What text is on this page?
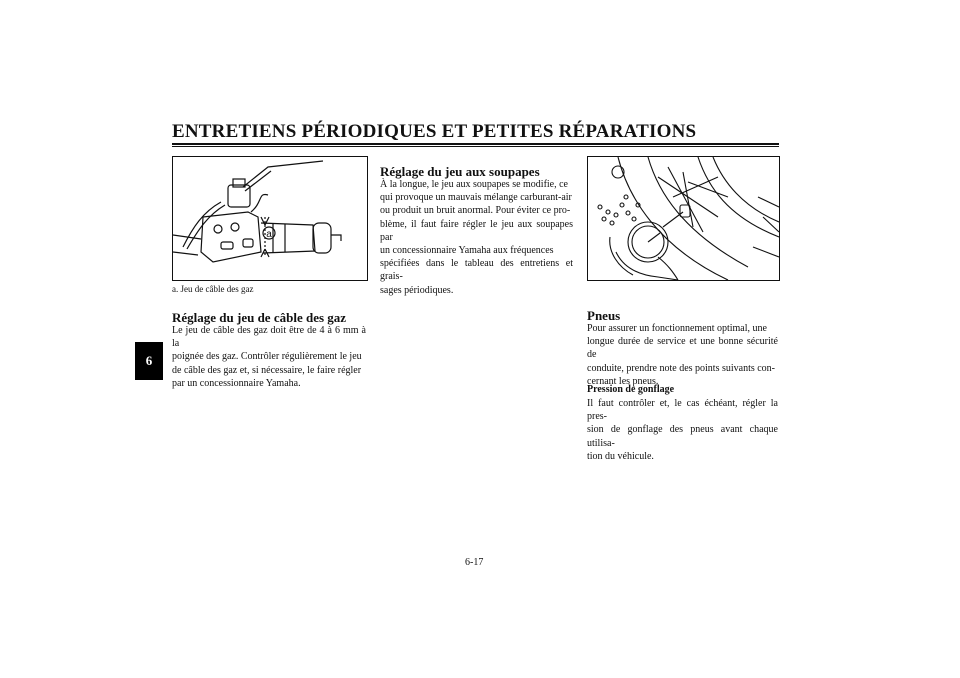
ENTRETIENS PÉRIODIQUES ET PETITES RÉPARATIONS
6
a
a. Jeu de câble des gaz
Réglage du jeu de câble des gaz

Le jeu de câble des gaz doit être de 4 à 6 mm à la

poignée des gaz. Contrôler régulièrement le jeu

de câble des gaz et, si nécessaire, le faire régler

par un concessionnaire Yamaha.

Réglage du jeu aux soupapes

À la longue, le jeu aux soupapes se modifie, ce

qui provoque un mauvais mélange carburant-air

ou produit un bruit anormal. Pour éviter ce pro-

blème, il faut faire régler le jeu aux soupapes par

un concessionnaire Yamaha aux fréquences

spécifiées dans le tableau des entretiens et grais-

sages périodiques.

Pneus

Pour assurer un fonctionnement optimal, une

longue durée de service et une bonne sécurité de

conduite, prendre note des points suivants con-

cernant les pneus.

Pression de gonflage

Il faut contrôler et, le cas échéant, régler la pres-

sion de gonflage des pneus avant chaque utilisa-

tion du véhicule.

6-17
